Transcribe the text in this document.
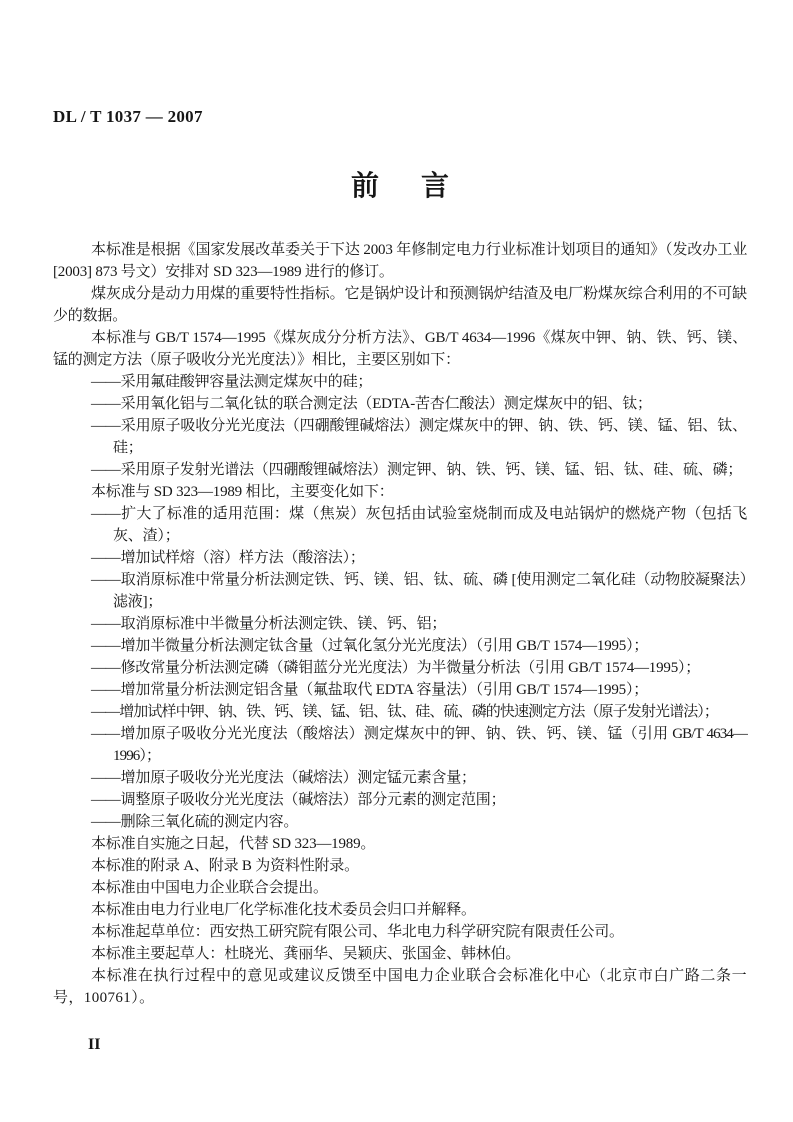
DL / T 1037 — 2007
前 言

本标准是根据《国家发展改革委关于下达 2003 年修制定电力行业标准计划项目的通知》（发改办工业 [2003] 873 号文）安排对 SD 323—1989 进行的修订。

煤灰成分是动力用煤的重要特性指标。它是锅炉设计和预测锅炉结渣及电厂粉煤灰综合利用的不可缺少的数据。

本标准与 GB/T 1574—1995《煤灰成分分析方法》、GB/T 4634—1996《煤灰中钾、钠、铁、钙、镁、锰的测定方法（原子吸收分光光度法）》相比，主要区别如下：

——采用氟硅酸钾容量法测定煤灰中的硅；

——采用氧化铝与二氧化钛的联合测定法（EDTA-苦杏仁酸法）测定煤灰中的铝、钛；

——采用原子吸收分光光度法（四硼酸锂碱熔法）测定煤灰中的钾、钠、铁、钙、镁、锰、铝、钛、硅；

——采用原子发射光谱法（四硼酸锂碱熔法）测定钾、钠、铁、钙、镁、锰、铝、钛、硅、硫、磷；

本标准与 SD 323—1989 相比，主要变化如下：

——扩大了标准的适用范围：煤（焦炭）灰包括由试验室烧制而成及电站锅炉的燃烧产物（包括飞灰、渣）；

——增加试样熔（溶）样方法（酸溶法）；

——取消原标准中常量分析法测定铁、钙、镁、铝、钛、硫、磷 [使用测定二氧化硅（动物胶凝聚法）滤液]；

——取消原标准中半微量分析法测定铁、镁、钙、铝；

——增加半微量分析法测定钛含量（过氧化氢分光光度法）（引用 GB/T 1574—1995）；

——修改常量分析法测定磷（磷钼蓝分光光度法）为半微量分析法（引用 GB/T 1574—1995）；

——增加常量分析法测定铝含量（氟盐取代 EDTA 容量法）（引用 GB/T 1574—1995）；

——增加试样中钾、钠、铁、钙、镁、锰、铝、钛、硅、硫、磷的快速测定方法（原子发射光谱法）；

——增加原子吸收分光光度法（酸熔法）测定煤灰中的钾、钠、铁、钙、镁、锰（引用 GB/T 4634—1996）；

——增加原子吸收分光光度法（碱熔法）测定锰元素含量；

——调整原子吸收分光光度法（碱熔法）部分元素的测定范围；

——删除三氧化硫的测定内容。

本标准自实施之日起，代替 SD 323—1989。

本标准的附录 A、附录 B 为资料性附录。

本标准由中国电力企业联合会提出。

本标准由电力行业电厂化学标准化技术委员会归口并解释。

本标准起草单位：西安热工研究院有限公司、华北电力科学研究院有限责任公司。

本标准主要起草人：杜晓光、龚丽华、吴颖庆、张国金、韩林伯。

本标准在执行过程中的意见或建议反馈至中国电力企业联合会标准化中心（北京市白广路二条一号，100761）。

II
